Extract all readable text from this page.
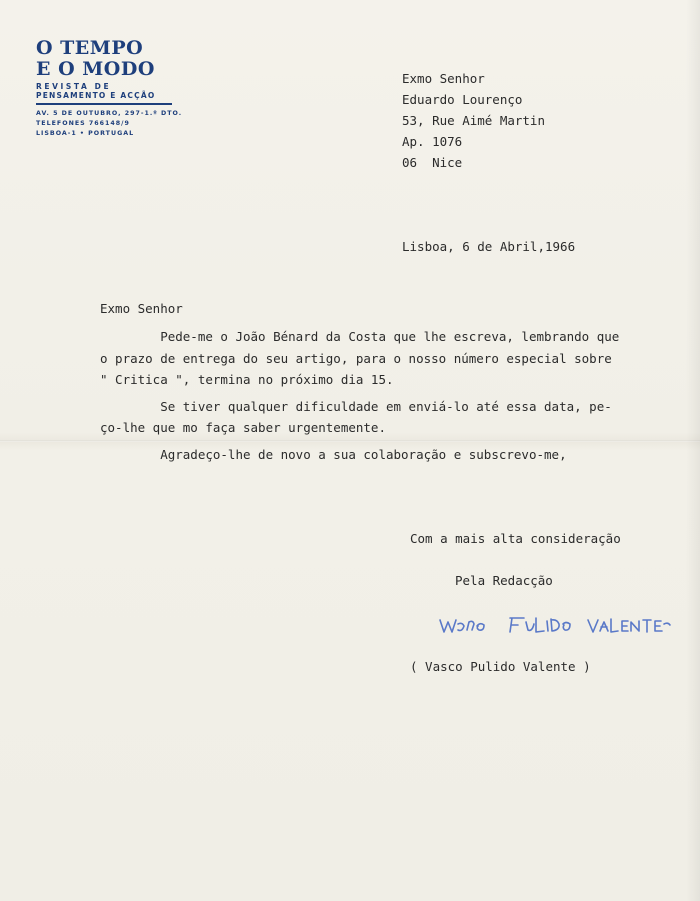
O TEMPO
E O MODO
REVISTA DE
PENSAMENTO E ACÇÃO
AV. 5 DE OUTUBRO, 297-1.º DTO.
TELEFONES 766148/9
LISBOA-1 • PORTUGAL
Exmo Senhor
Eduardo Lourenço
53, Rue Aimé Martin
Ap. 1076
06  Nice
Lisboa, 6 de Abril,1966
Exmo Senhor
Pede-me o João Bénard da Costa que lhe escreva, lembrando que
o prazo de entrega do seu artigo, para o nosso número especial sobre
" Critica ", termina no próximo dia 15.
Se tiver qualquer dificuldade em enviá-lo até essa data, pe-
ço-lhe que mo faça saber urgentemente.
Agradeço-lhe de novo a sua colaboração e subscrevo-me,
Com a mais alta consideração
Pela Redacção
( Vasco Pulido Valente )
